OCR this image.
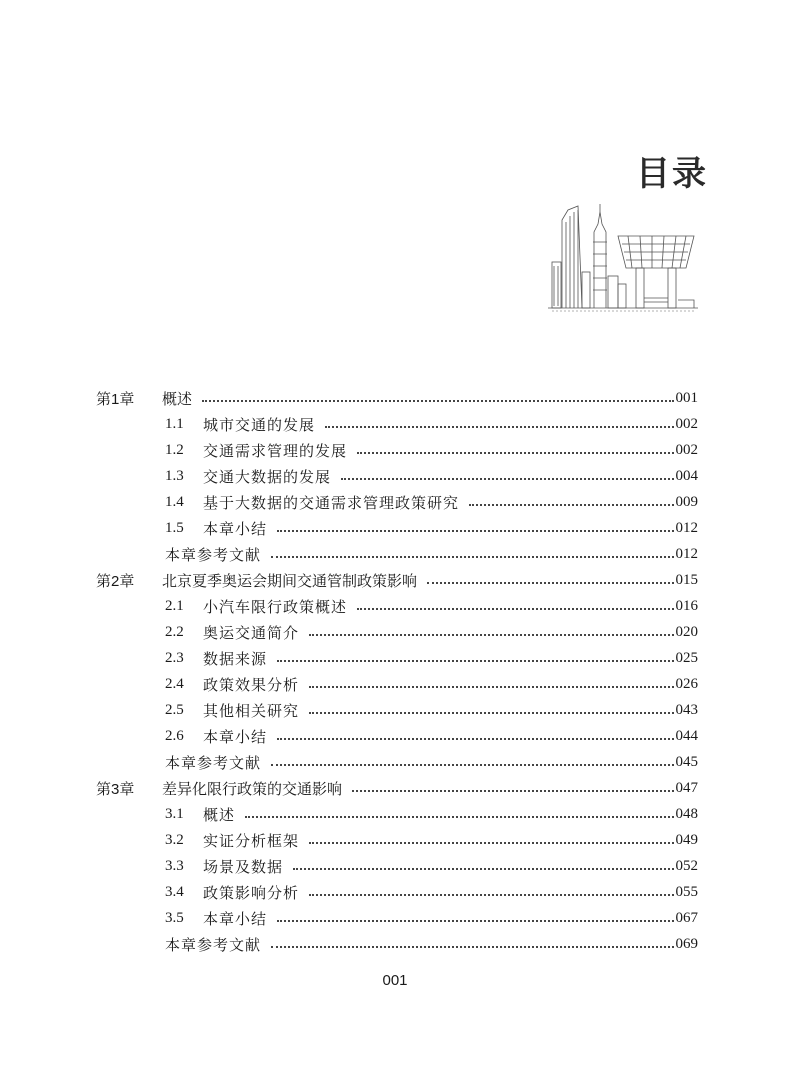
目录
第1章	概述	001
1.1	城市交通的发展	002
1.2	交通需求管理的发展	002
1.3	交通大数据的发展	004
1.4	基于大数据的交通需求管理政策研究	009
1.5	本章小结	012
本章参考文献	012
第2章	北京夏季奥运会期间交通管制政策影响	015
2.1	小汽车限行政策概述	016
2.2	奥运交通简介	020
2.3	数据来源	025
2.4	政策效果分析	026
2.5	其他相关研究	043
2.6	本章小结	044
本章参考文献	045
第3章	差异化限行政策的交通影响	047
3.1	概述	048
3.2	实证分析框架	049
3.3	场景及数据	052
3.4	政策影响分析	055
3.5	本章小结	067
本章参考文献	069
001
